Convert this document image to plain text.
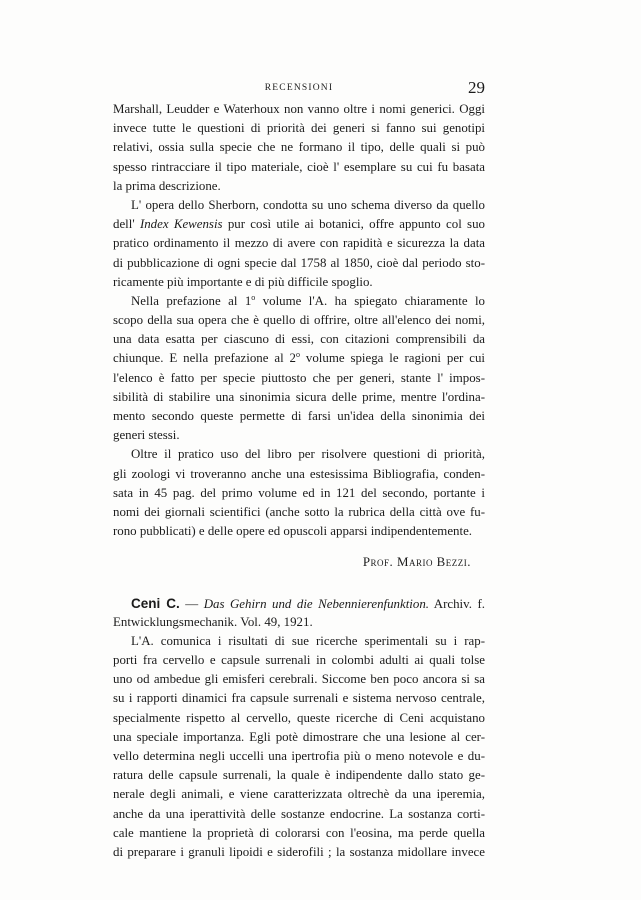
RECENSIONI	29
Marshall, Leudder e Waterhoux non vanno oltre i nomi generici. Oggi
invece tutte le questioni di priorità dei generi si fanno sui genotipi
relativi, ossia sulla specie che ne formano il tipo, delle quali si può
spesso rintracciare il tipo materiale, cioè l' esemplare su cui fu basata
la prima descrizione.
L' opera dello Sherborn, condotta su uno schema diverso da quello
dell' Index Kewensis pur così utile ai botanici, offre appunto col suo
pratico ordinamento il mezzo di avere con rapidità e sicurezza la data
di pubblicazione di ogni specie dal 1758 al 1850, cioè dal periodo sto-
ricamente più importante e di più difficile spoglio.
Nella prefazione al 1$^o$ volume l'A. ha spiegato chiaramente lo
scopo della sua opera che è quello di offrire, oltre all'elenco dei nomi,
una data esatta per ciascuno di essi, con citazioni comprensibili da
chiunque. E nella prefazione al 2$^o$ volume spiega le ragioni per cui
l'elenco è fatto per specie piuttosto che per generi, stante l' impos-
sibilità di stabilire una sinonimia sicura delle prime, mentre l'ordina-
mento secondo queste permette di farsi un'idea della sinonimia dei
generi stessi.
Oltre il pratico uso del libro per risolvere questioni di priorità,
gli zoologi vi troveranno anche una estesissima Bibliografia, conden-
sata in 45 pag. del primo volume ed in 121 del secondo, portante i
nomi dei giornali scientifici (anche sotto la rubrica della città ove fu-
rono pubblicati) e delle opere ed opuscoli apparsi indipendentemente.
Prof. Mario Bezzi.
Ceni C. — Das Gehirn und die Nebennierenfunktion. Archiv. f.
Entwicklungsmechanik. Vol. 49, 1921.
L'A. comunica i risultati di sue ricerche sperimentali su i rap-
porti fra cervello e capsule surrenali in colombi adulti ai quali tolse
uno od ambedue gli emisferi cerebrali. Siccome ben poco ancora si sa
su i rapporti dinamici fra capsule surrenali e sistema nervoso centrale,
specialmente rispetto al cervello, queste ricerche di Ceni acquistano
una speciale importanza. Egli potè dimostrare che una lesione al cer-
vello determina negli uccelli una ipertrofia più o meno notevole e du-
ratura delle capsule surrenali, la quale è indipendente dallo stato ge-
nerale degli animali, e viene caratterizzata oltrechè da una iperemia,
anche da una iperattività delle sostanze endocrine. La sostanza corti-
cale mantiene la proprietà di colorarsi con l'eosina, ma perde quella
di preparare i granuli lipoidi e siderofili ; la sostanza midollare invece
